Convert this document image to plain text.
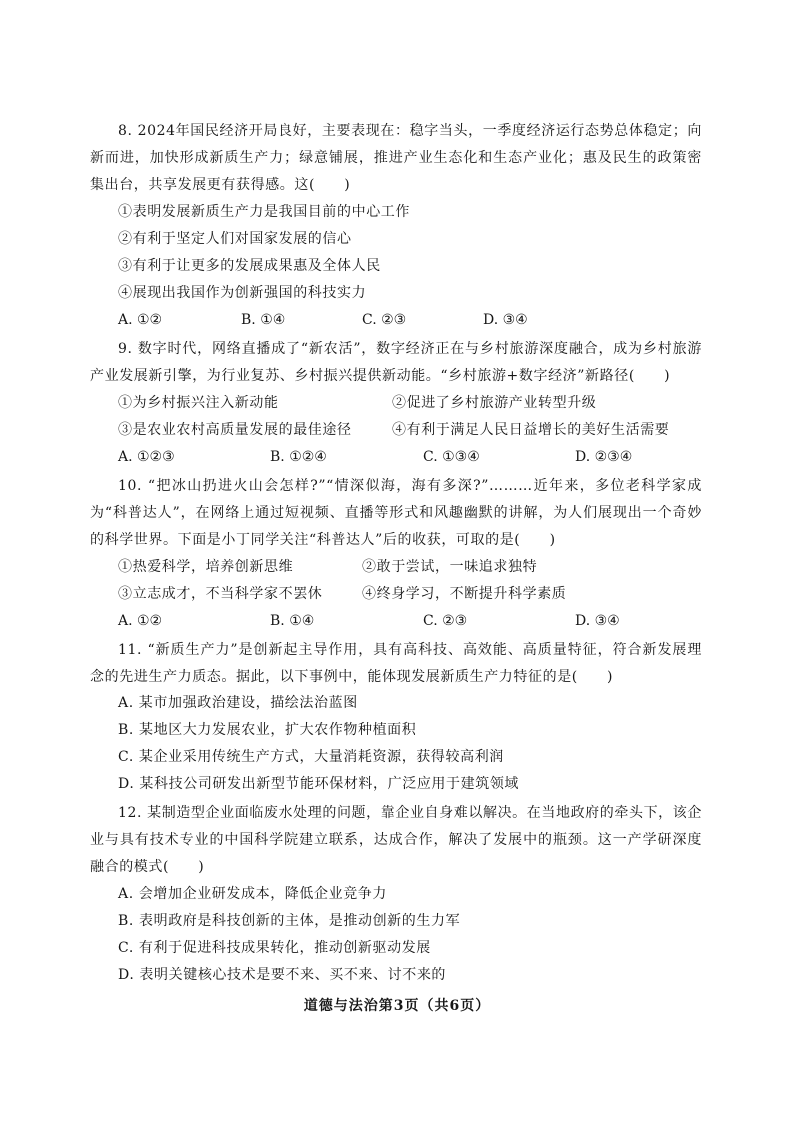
8. 2024年国民经济开局良好，主要表现在：稳字当头，一季度经济运行态势总体稳定；向新而进，加快形成新质生产力；绿意铺展，推进产业生态化和生态产业化；惠及民生的政策密集出台，共享发展更有获得感。这(　　)
①表明发展新质生产力是我国目前的中心工作
②有利于坚定人们对国家发展的信心
③有利于让更多的发展成果惠及全体人民
④展现出我国作为创新强国的科技实力
A. ①②	B. ①④	C. ②③	D. ③④
9. 数字时代，网络直播成了“新农活”，数字经济正在与乡村旅游深度融合，成为乡村旅游产业发展新引擎，为行业复苏、乡村振兴提供新动能。“乡村旅游+数字经济”新路径(　　)
①为乡村振兴注入新动能	②促进了乡村旅游产业转型升级
③是农业农村高质量发展的最佳途径	④有利于满足人民日益增长的美好生活需要
A. ①②③	B. ①②④	C. ①③④	D. ②③④
10. “把冰山扔进火山会怎样?”“情深似海，海有多深?”………近年来，多位老科学家成为“科普达人”，在网络上通过短视频、直播等形式和风趣幽默的讲解，为人们展现出一个奇妙的科学世界。下面是小丁同学关注“科普达人”后的收获，可取的是(　　)
①热爱科学，培养创新思维	②敢于尝试，一味追求独特
③立志成才，不当科学家不罢休	④终身学习，不断提升科学素质
A. ①②	B. ①④	C. ②③	D. ③④
11. “新质生产力”是创新起主导作用，具有高科技、高效能、高质量特征，符合新发展理念的先进生产力质态。据此，以下事例中，能体现发展新质生产力特征的是(　　)
A. 某市加强政治建设，描绘法治蓝图
B. 某地区大力发展农业，扩大农作物种植面积
C. 某企业采用传统生产方式，大量消耗资源，获得较高利润
D. 某科技公司研发出新型节能环保材料，广泛应用于建筑领域
12. 某制造型企业面临废水处理的问题，靠企业自身难以解决。在当地政府的牵头下，该企业与具有技术专业的中国科学院建立联系，达成合作，解决了发展中的瓶颈。这一产学研深度融合的模式(　　)
A. 会增加企业研发成本，降低企业竞争力
B. 表明政府是科技创新的主体，是推动创新的生力军
C. 有利于促进科技成果转化，推动创新驱动发展
D. 表明关键核心技术是要不来、买不来、讨不来的
道德与法治第3页（共6页）
